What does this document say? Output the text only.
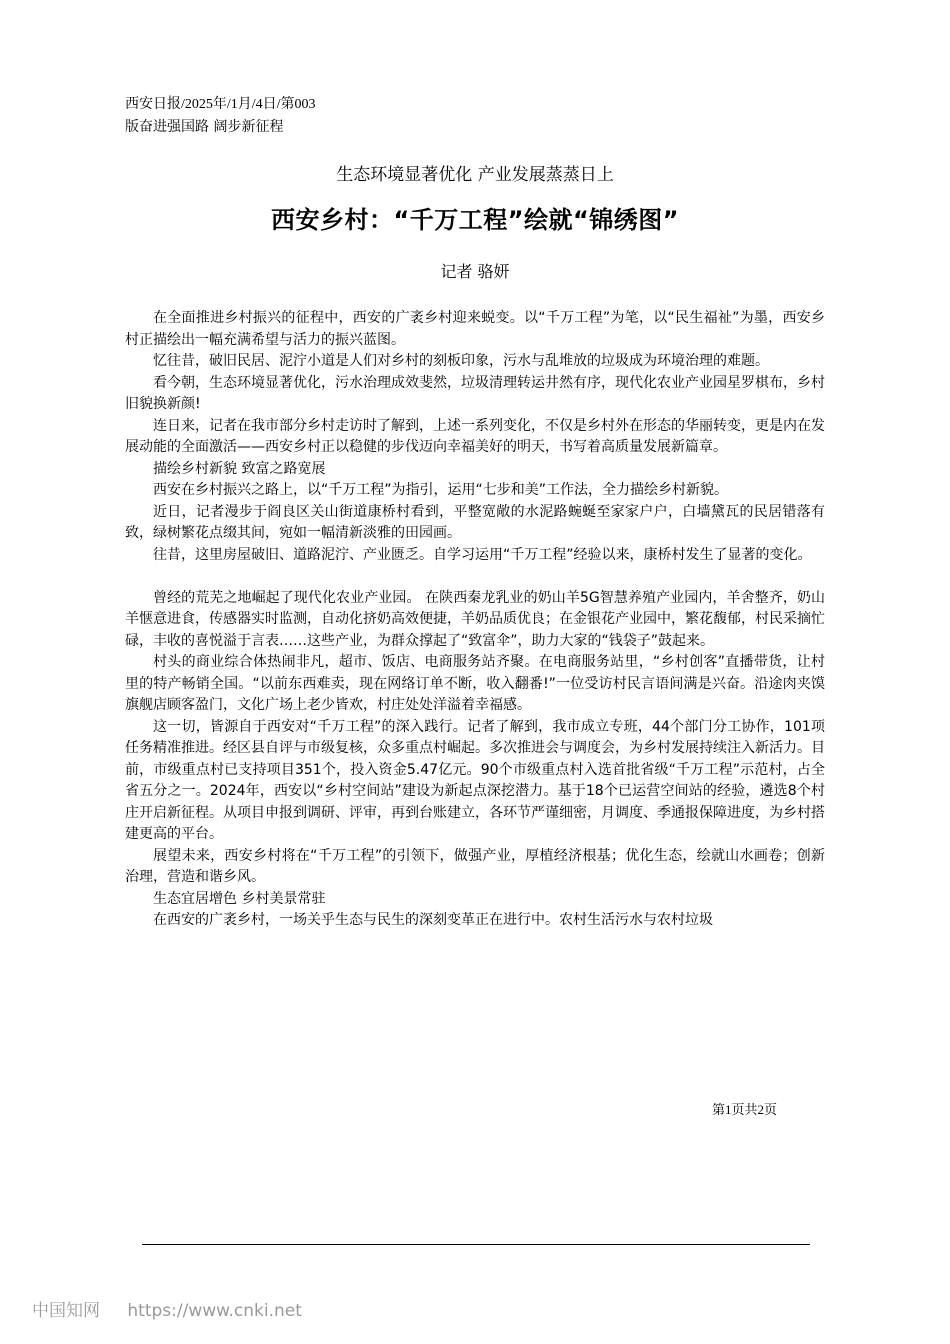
西安日报/2025年/1月/4日/第003
版奋进强国路 阔步新征程
生态环境显著优化 产业发展蒸蒸日上
西安乡村：“千万工程”绘就“锦绣图”
记者 骆妍

在全面推进乡村振兴的征程中，西安的广袤乡村迎来蜕变。以“千万工程”为笔，以“民生福祉”为墨，西安乡村正描绘出一幅充满希望与活力的振兴蓝图。

忆往昔，破旧民居、泥泞小道是人们对乡村的刻板印象，污水与乱堆放的垃圾成为环境治理的难题。

看今朝，生态环境显著优化，污水治理成效斐然，垃圾清理转运井然有序，现代化农业产业园星罗棋布，乡村旧貌换新颜!

连日来，记者在我市部分乡村走访时了解到，上述一系列变化，不仅是乡村外在形态的华丽转变，更是内在发展动能的全面激活——西安乡村正以稳健的步伐迈向幸福美好的明天，书写着高质量发展新篇章。

描绘乡村新貌 致富之路宽展

西安在乡村振兴之路上，以“千万工程”为指引，运用“七步和美”工作法，全力描绘乡村新貌。

近日，记者漫步于阎良区关山街道康桥村看到，平整宽敞的水泥路蜿蜒至家家户户，白墙黛瓦的民居错落有致，绿树繁花点缀其间，宛如一幅清新淡雅的田园画。

往昔，这里房屋破旧、道路泥泞、产业匮乏。自学习运用“千万工程”经验以来，康桥村发生了显著的变化。

曾经的荒芜之地崛起了现代化农业产业园。 在陕西秦龙乳业的奶山羊5G智慧养殖产业园内，羊舍整齐，奶山羊惬意进食，传感器实时监测，自动化挤奶高效便捷，羊奶品质优良；在金银花产业园中，繁花馥郁，村民采摘忙碌，丰收的喜悦溢于言表……这些产业，为群众撑起了“致富伞”，助力大家的“钱袋子”鼓起来。

村头的商业综合体热闹非凡，超市、饭店、电商服务站齐聚。在电商服务站里，“乡村创客”直播带货，让村里的特产畅销全国。“以前东西难卖，现在网络订单不断，收入翻番!”一位受访村民言语间满是兴奋。沿途肉夹馍旗舰店顾客盈门，文化广场上老少皆欢，村庄处处洋溢着幸福感。

这一切，皆源自于西安对“千万工程”的深入践行。记者了解到，我市成立专班，44个部门分工协作，101项任务精准推进。经区县自评与市级复核，众多重点村崛起。多次推进会与调度会，为乡村发展持续注入新活力。目前，市级重点村已支持项目351个，投入资金5.47亿元。90个市级重点村入选首批省级“千万工程”示范村，占全省五分之一。2024年，西安以“乡村空间站”建设为新起点深挖潜力。基于18个已运营空间站的经验，遴选8个村庄开启新征程。从项目申报到调研、评审，再到台账建立，各环节严谨细密，月调度、季通报保障进度，为乡村搭建更高的平台。

展望未来，西安乡村将在“千万工程”的引领下，做强产业，厚植经济根基；优化生态，绘就山水画卷；创新治理，营造和谐乡风。

生态宜居增色 乡村美景常驻

在西安的广袤乡村，一场关乎生态与民生的深刻变革正在进行中。农村生活污水与农村垃圾

第1页共2页
中国知网 https://www.cnki.net
